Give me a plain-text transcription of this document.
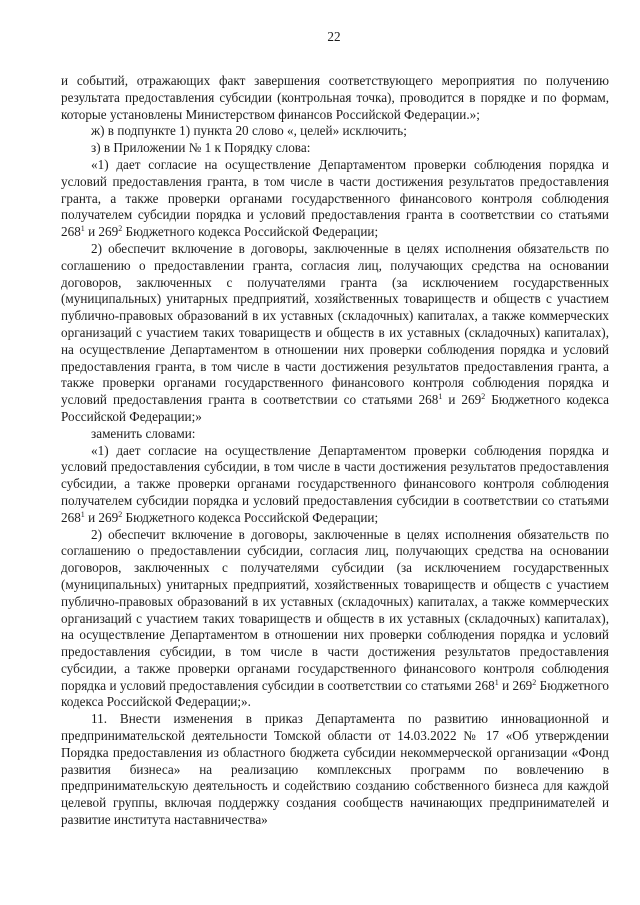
22

и событий, отражающих факт завершения соответствующего мероприятия по получению результата предоставления субсидии (контрольная точка), проводится в порядке и по формам, которые установлены Министерством финансов Российской Федерации.»;

ж) в подпункте 1) пункта 20 слово «, целей» исключить;

з) в Приложении № 1 к Порядку слова:

«1) дает согласие на осуществление Департаментом проверки соблюдения порядка и условий предоставления гранта, в том числе в части достижения результатов предоставления гранта, а также проверки органами государственного финансового контроля соблюдения получателем субсидии порядка и условий предоставления гранта в соответствии со статьями $268^1$ и $269^2$ Бюджетного кодекса Российской Федерации;

2) обеспечит включение в договоры, заключенные в целях исполнения обязательств по соглашению о предоставлении гранта, согласия лиц, получающих средства на основании договоров, заключенных с получателями гранта (за исключением государственных (муниципальных) унитарных предприятий, хозяйственных товариществ и обществ с участием публично-правовых образований в их уставных (складочных) капиталах, а также коммерческих организаций с участием таких товариществ и обществ в их уставных (складочных) капиталах), на осуществление Департаментом в отношении них проверки соблюдения порядка и условий предоставления гранта, в том числе в части достижения результатов предоставления гранта, а также проверки органами государственного финансового контроля соблюдения порядка и условий предоставления гранта в соответствии со статьями $268^1$ и $269^2$ Бюджетного кодекса Российской Федерации;»

заменить словами:

«1) дает согласие на осуществление Департаментом проверки соблюдения порядка и условий предоставления субсидии, в том числе в части достижения результатов предоставления субсидии, а также проверки органами государственного финансового контроля соблюдения получателем субсидии порядка и условий предоставления субсидии в соответствии со статьями $268^1$ и $269^2$ Бюджетного кодекса Российской Федерации;

2) обеспечит включение в договоры, заключенные в целях исполнения обязательств по соглашению о предоставлении субсидии, согласия лиц, получающих средства на основании договоров, заключенных с получателями субсидии (за исключением государственных (муниципальных) унитарных предприятий, хозяйственных товариществ и обществ с участием публично-правовых образований в их уставных (складочных) капиталах, а также коммерческих организаций с участием таких товариществ и обществ в их уставных (складочных) капиталах), на осуществление Департаментом в отношении них проверки соблюдения порядка и условий предоставления субсидии, в том числе в части достижения результатов предоставления субсидии, а также проверки органами государственного финансового контроля соблюдения порядка и условий предоставления субсидии в соответствии со статьями $268^1$ и $269^2$ Бюджетного кодекса Российской Федерации;».

11. Внести изменения в приказ Департамента по развитию инновационной и предпринимательской деятельности Томской области от 14.03.2022 № 17 «Об утверждении Порядка предоставления из областного бюджета субсидии некоммерческой организации «Фонд развития бизнеса» на реализацию комплексных программ по вовлечению в предпринимательскую деятельность и содействию созданию собственного бизнеса для каждой целевой группы, включая поддержку создания сообществ начинающих предпринимателей и развитие института наставничества»
